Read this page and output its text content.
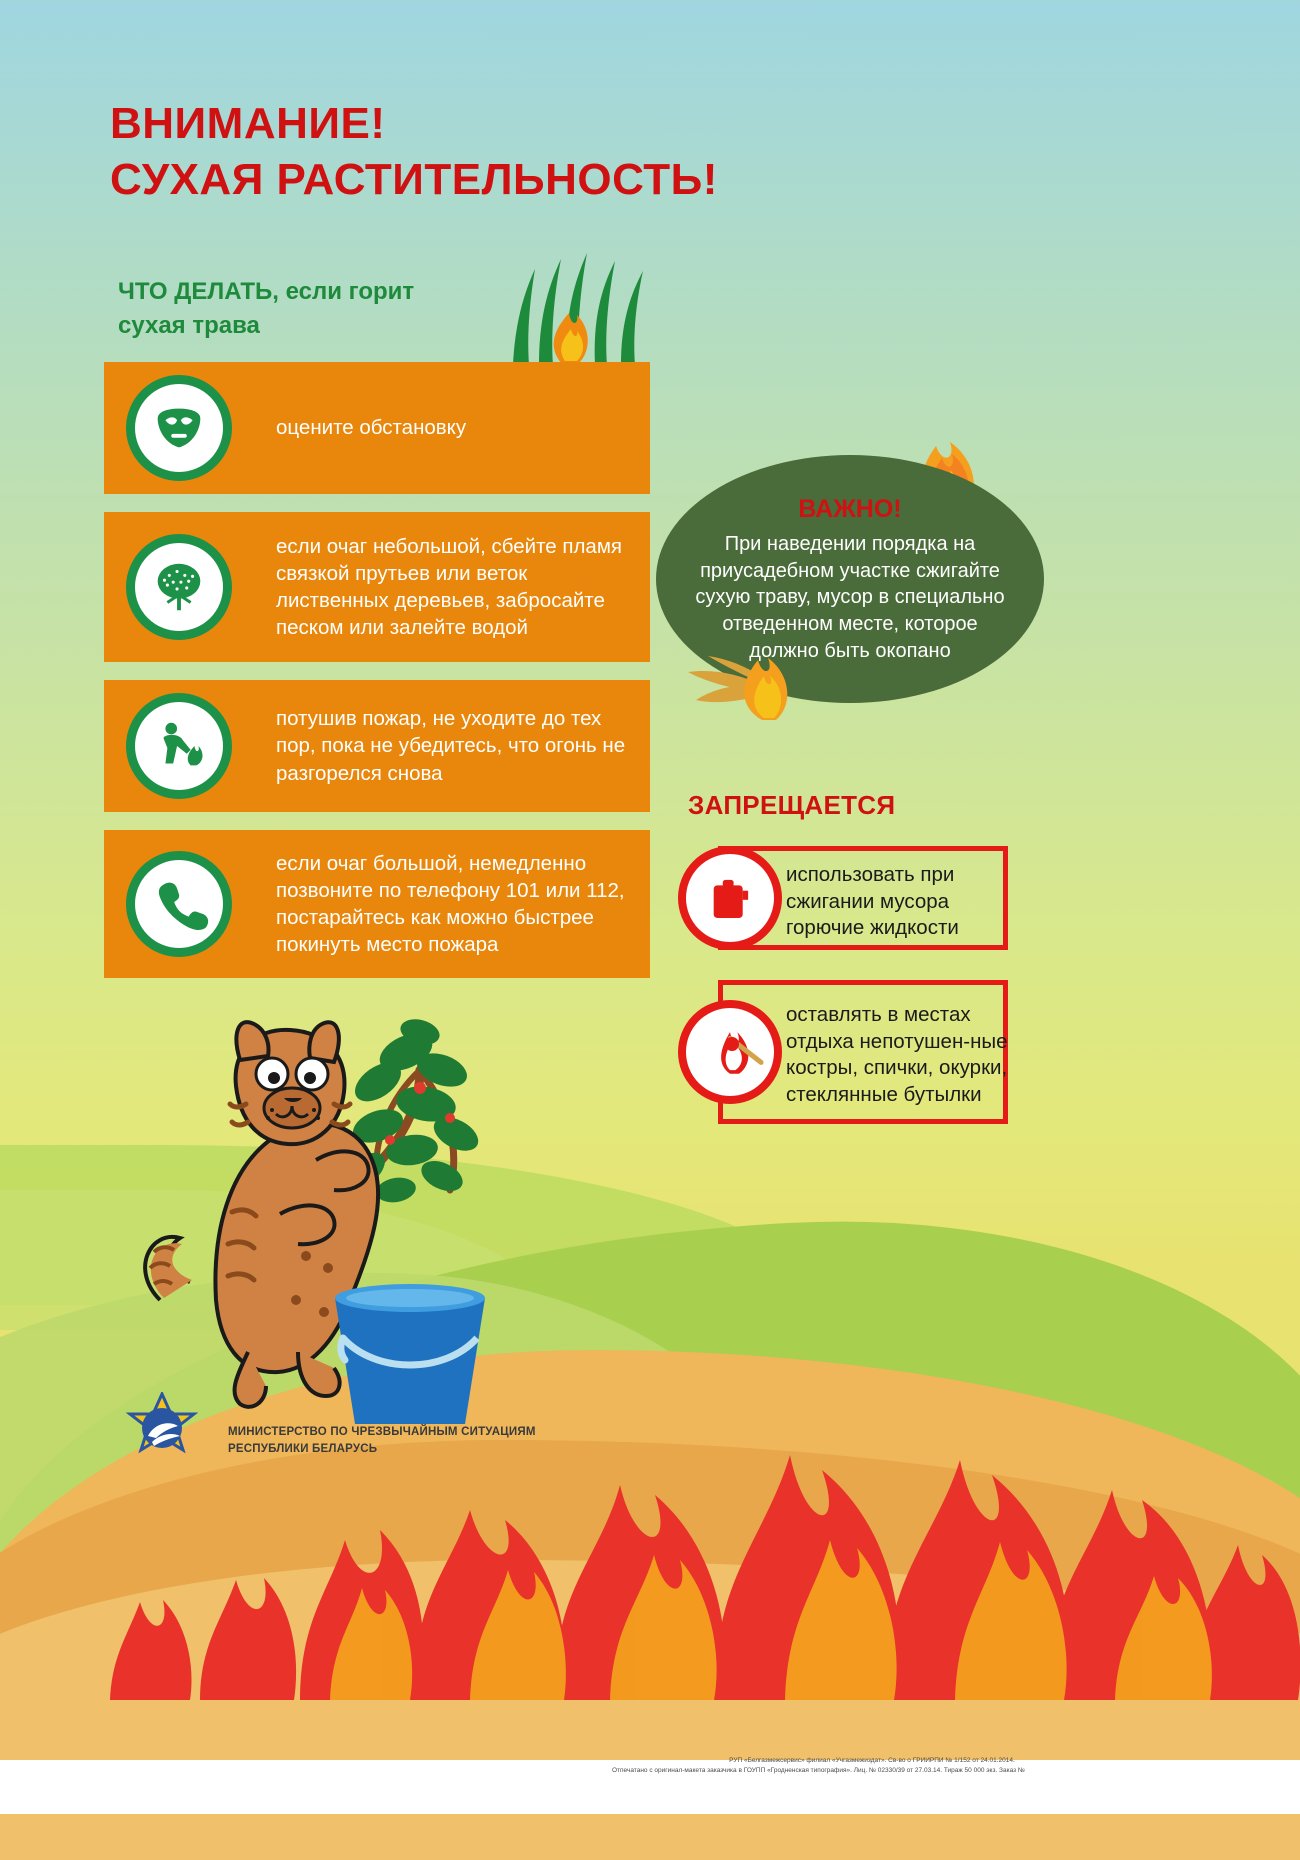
ВНИМАНИЕ!
СУХАЯ РАСТИТЕЛЬНОСТЬ!
ЧТО ДЕЛАТЬ, если горит
сухая трава
оцените обстановку
если очаг небольшой, сбейте пламя связкой прутьев или веток лиственных деревьев, забросайте песком или залейте водой
потушив пожар, не уходите до тех пор, пока не убедитесь, что огонь не разгорелся снова
если очаг большой, немедленно позвоните по телефону 101 или 112, постарайтесь как можно быстрее покинуть место пожара
ВАЖНО!
При наведении порядка на приусадебном участке сжигайте сухую траву, мусор в специально отведенном месте, которое должно быть окопано
ЗАПРЕЩАЕТСЯ
использовать при сжигании мусора горючие жидкости
оставлять в местах отдыха непотушен-ные костры, спички, окурки, стеклянные бутылки
МИНИСТЕРСТВО ПО ЧРЕЗВЫЧАЙНЫМ СИТУАЦИЯМ
РЕСПУБЛИКИ БЕЛАРУСЬ
РУП «Белгазмежсервис» филиал «Учгазмежиздат». Св-во о ГРИИРПИ № 1/152 от 24.01.2014.
Отпечатано с оригинал-макета заказчика в ГОУПП «Гродненская типография». Лиц. № 02330/39 от 27.03.14. Тираж 50 000 экз. Заказ №
